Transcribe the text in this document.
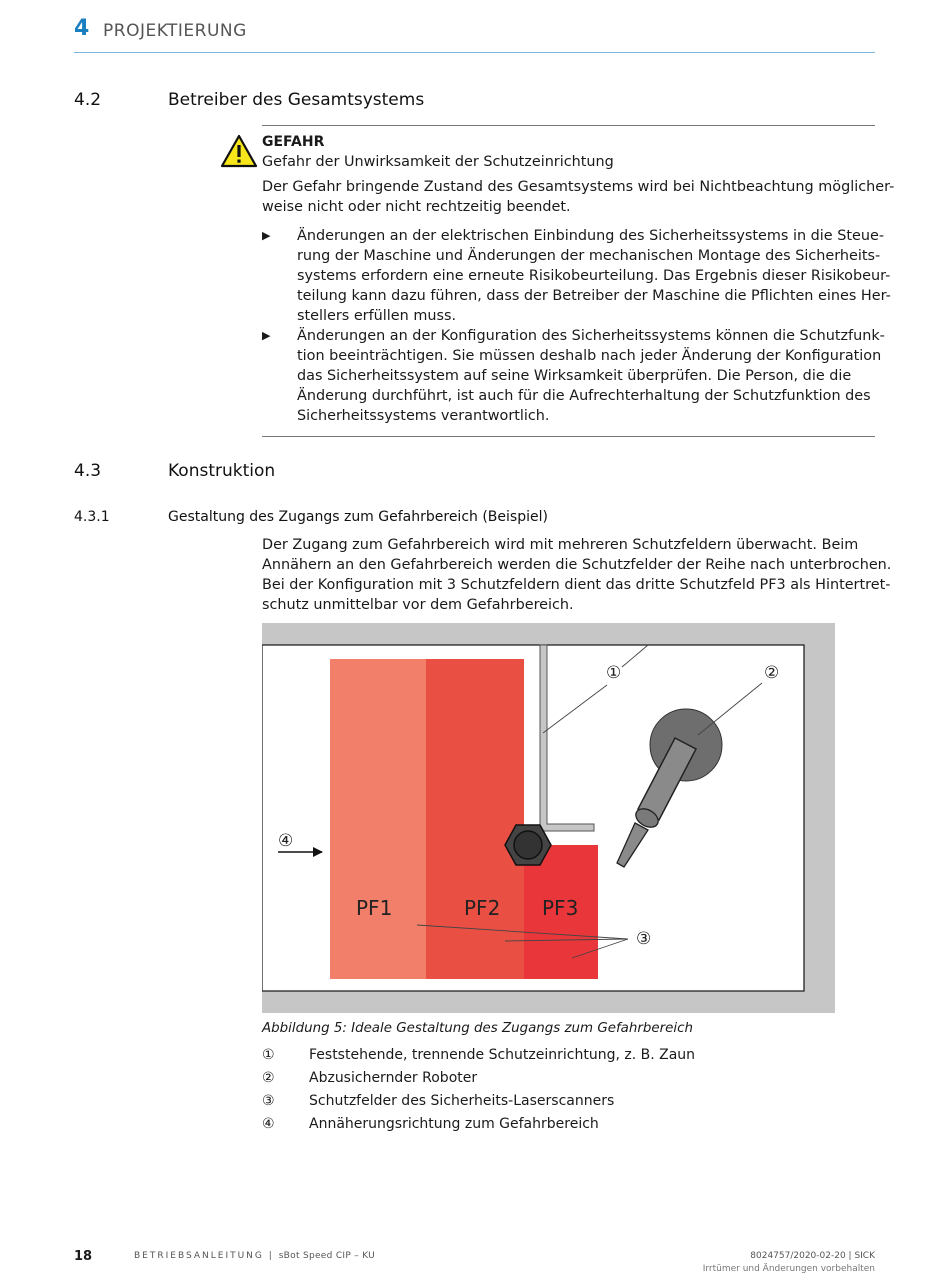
4 PROJEKTIERUNG
4.2	Betreiber des Gesamtsystems
GEFAHR
Gefahr der Unwirksamkeit der Schutzeinrichtung
Der Gefahr bringende Zustand des Gesamtsystems wird bei Nichtbeachtung möglicher-
weise nicht oder nicht rechtzeitig beendet.
▶ Änderungen an der elektrischen Einbindung des Sicherheitssystems in die Steue-
rung der Maschine und Änderungen der mechanischen Montage des Sicherheits-
systems erfordern eine erneute Risikobeurteilung. Das Ergebnis dieser Risikobeur-
teilung kann dazu führen, dass der Betreiber der Maschine die Pflichten eines Her-
stellers erfüllen muss.
▶ Änderungen an der Konfiguration des Sicherheitssystems können die Schutzfunk-
tion beeinträchtigen. Sie müssen deshalb nach jeder Änderung der Konfiguration
das Sicherheitssystem auf seine Wirksamkeit überprüfen. Die Person, die die
Änderung durchführt, ist auch für die Aufrechterhaltung der Schutzfunktion des
Sicherheitssystems verantwortlich.
4.3	Konstruktion
4.3.1	Gestaltung des Zugangs zum Gefahrbereich (Beispiel)
Der Zugang zum Gefahrbereich wird mit mehreren Schutzfeldern überwacht. Beim
Annähern an den Gefahrbereich werden die Schutzfelder der Reihe nach unterbrochen.
Bei der Konfiguration mit 3 Schutzfeldern dient das dritte Schutzfeld PF3 als Hintertret-
schutz unmittelbar vor dem Gefahrbereich.
PF1	PF2 PF3
①	②
③
④
Abbildung 5: Ideale Gestaltung des Zugangs zum Gefahrbereich
① Feststehende, trennende Schutzeinrichtung, z. B. Zaun
② Abzusichernder Roboter
③ Schutzfelder des Sicherheits-Laserscanners
④ Annäherungsrichtung zum Gefahrbereich
18	BETRIEBSANLEITUNG | sBot Speed CIP – KU	8024757/2020-02-20 | SICK
Irrtümer und Änderungen vorbehalten
